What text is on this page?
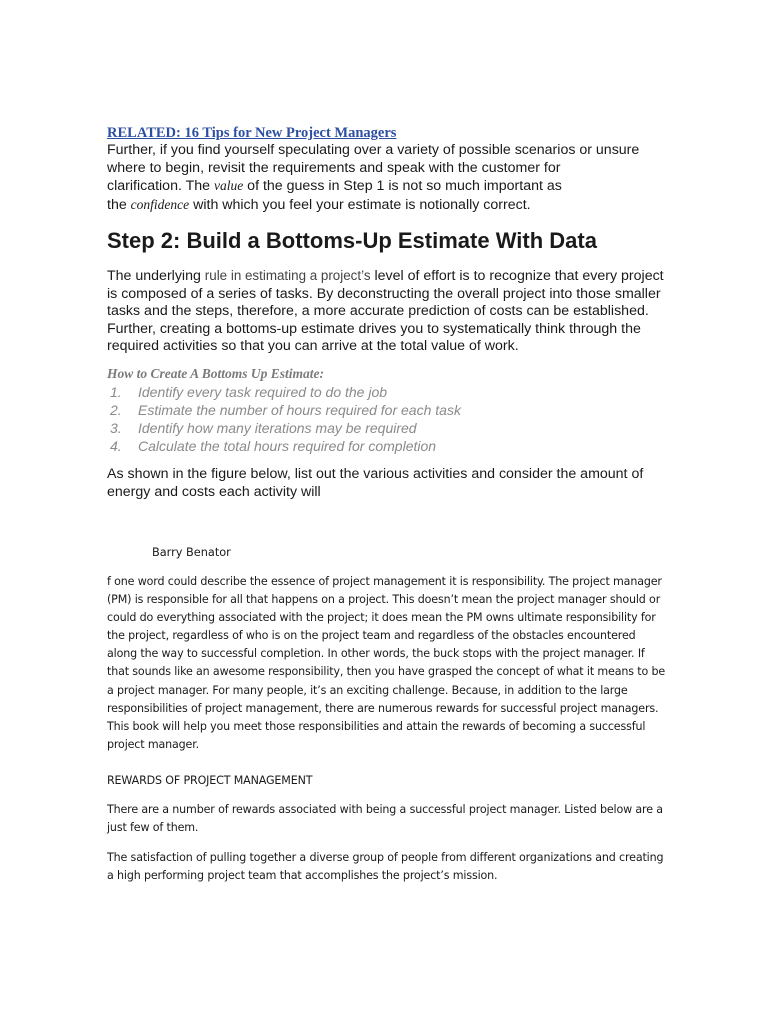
RELATED: 16 Tips for New Project Managers
Further, if you find yourself speculating over a variety of possible scenarios or unsure where to begin, revisit the requirements and speak with the customer for
clarification. The value of the guess in Step 1 is not so much important as
the confidence with which you feel your estimate is notionally correct.
Step 2: Build a Bottoms-Up Estimate With Data
The underlying rule in estimating a project’s level of effort is to recognize that every project is composed of a series of tasks. By deconstructing the overall project into those smaller tasks and the steps, therefore, a more accurate prediction of costs can be established. Further, creating a bottoms-up estimate drives you to systematically think through the required activities so that you can arrive at the total value of work.
How to Create A Bottoms Up Estimate:
1. Identify every task required to do the job
2. Estimate the number of hours required for each task
3. Identify how many iterations may be required
4. Calculate the total hours required for completion
As shown in the figure below, list out the various activities and consider the amount of energy and costs each activity will
Barry Benator
f one word could describe the essence of project management it is responsibility. The project manager (PM) is responsible for all that happens on a project. This doesn’t mean the project manager should or could do everything associated with the project; it does mean the PM owns ultimate responsibility for the project, regardless of who is on the project team and regardless of the obstacles encountered along the way to successful completion. In other words, the buck stops with the project manager. If that sounds like an awesome responsibility, then you have grasped the concept of what it means to be a project manager. For many people, it’s an exciting challenge. Because, in addition to the large responsibilities of project management, there are numerous rewards for successful project managers. This book will help you meet those responsibilities and attain the rewards of becoming a successful project manager.
REWARDS OF PROJECT MANAGEMENT
There are a number of rewards associated with being a successful project manager. Listed below are a just few of them.
The satisfaction of pulling together a diverse group of people from different organizations and creating a high performing project team that accomplishes the project’s mission.
